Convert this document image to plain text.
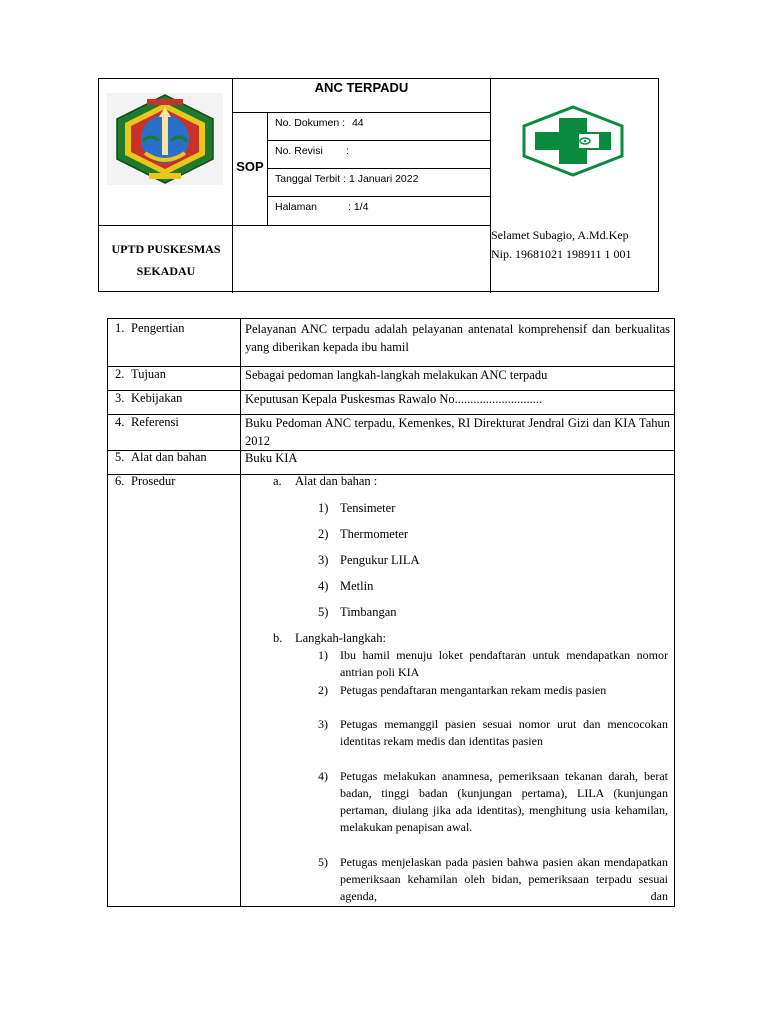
ANC TERPADU
SOP
No. Dokumen : 44
No. Revisi :
Tanggal Terbit : 1 Januari 2022
Halaman	: 1/4
UPTD PUSKESMAS
SEKADAU
Selamet Subagio, A.Md.Kep
Nip. 19681021 198911 1 001
1. Pengertian	Pelayanan ANC terpadu adalah pelayanan antenatal komprehensif dan berkualitas yang diberikan kepada ibu hamil
2. Tujuan	Sebagai pedoman langkah-langkah melakukan ANC terpadu
3. Kebijakan	Keputusan Kepala Puskesmas Rawalo No............................
4. Referensi	Buku Pedoman ANC terpadu, Kemenkes, RI Direkturat Jendral Gizi dan KIA Tahun 2012
5. Alat dan bahan	Buku KIA
6. Prosedur	a. Alat dan bahan :
1) Tensimeter
2) Thermometer
3) Pengukur LILA
4) Metlin
5) Timbangan
b. Langkah-langkah:
1) Ibu hamil menuju loket pendaftaran untuk mendapatkan nomor antrian poli KIA
2) Petugas pendaftaran mengantarkan rekam medis pasien
3) Petugas memanggil pasien sesuai nomor urut dan mencocokan identitas rekam medis dan identitas pasien
4) Petugas melakukan anamnesa, pemeriksaan tekanan darah, berat badan, tinggi badan (kunjungan pertama), LILA (kunjungan pertaman, diulang jika ada identitas), menghitung usia kehamilan, melakukan penapisan awal.
5) Petugas menjelaskan pada pasien bahwa pasien akan mendapatkan pemeriksaan kehamilan oleh bidan, pemeriksaan terpadu sesuai agenda, dan
